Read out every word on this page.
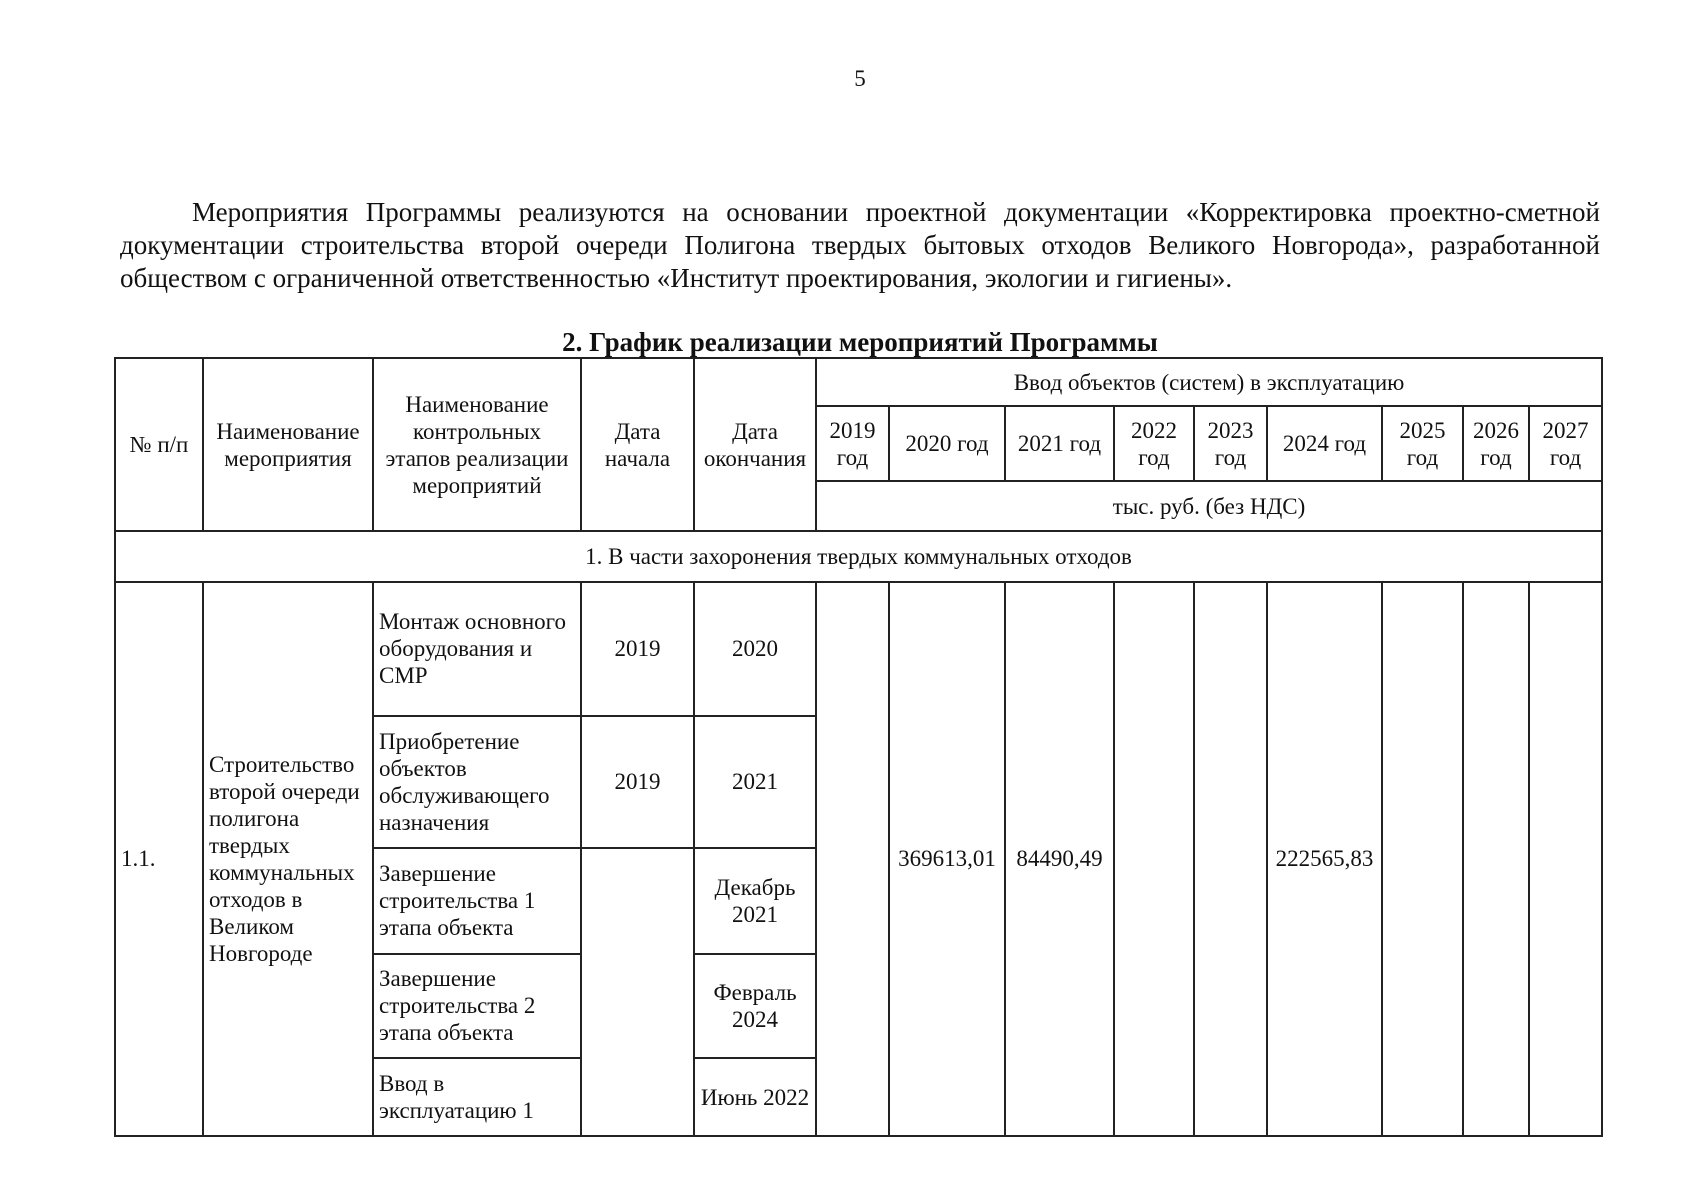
5

Мероприятия Программы реализуются на основании проектной документации «Корректировка проектно-сметной документации строительства второй очереди Полигона твердых бытовых отходов Великого Новгорода», разработанной обществом с ограниченной ответственностью «Институт проектирования, экологии и гигиены».

2. График реализации мероприятий Программы
№ п/п	Наименование мероприятия	Наименование контрольных этапов реализации мероприятий	Дата начала	Дата окончания	Ввод объектов (систем) в эксплуатацию								
					2019 год	2020 год	2021 год	2022 год	2023 год	2024 год	2025 год	2026 год	2027 год
					тыс. руб. (без НДС)								
1. В части захоронения твердых коммунальных отходов													
1.1.	Строительство второй очереди полигона твердых коммунальных отходов в Великом Новгороде	Монтаж основного оборудования и СМР	2019	2020		369613,01	84490,49			222565,83			
		Приобретение объектов обслуживающего назначения	2019	2021									
		Завершение строительства 1 этапа объекта		Декабрь 2021									
		Завершение строительства 2 этапа объекта		Февраль 2024									
		Ввод в эксплуатацию 1		Июнь 2022									
